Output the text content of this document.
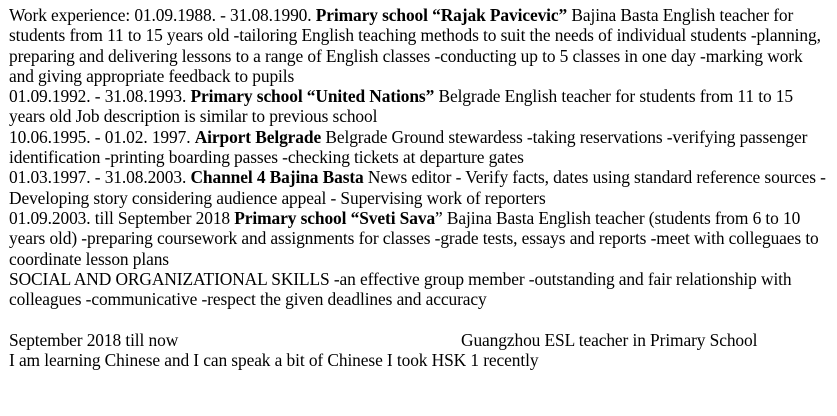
Work experience: 01.09.1988. - 31.08.1990. Primary school “Rajak Pavicevic” Bajina Basta English teacher for students from 11 to 15 years old -tailoring English teaching methods to suit the needs of individual students -planning, preparing and delivering lessons to a range of English classes -conducting up to 5 classes in one day -marking work and giving appropriate feedback to pupils

01.09.1992. - 31.08.1993. Primary school “United Nations” Belgrade English teacher for students from 11 to 15 years old Job description is similar to previous school

10.06.1995. - 01.02. 1997. Airport Belgrade Belgrade Ground stewardess -taking reservations -verifying passenger identification -printing boarding passes -checking tickets at departure gates

01.03.1997. - 31.08.2003. Channel 4 Bajina Basta News editor - Verify facts, dates using standard reference sources - Developing story considering audience appeal - Supervising work of reporters

01.09.2003. till September 2018 Primary school “Sveti Sava” Bajina Basta English teacher (students from 6 to 10 years old) -preparing coursework and assignments for classes -grade tests, essays and reports -meet with colleguaes to coordinate lesson plans

SOCIAL AND ORGANIZATIONAL SKILLS -an effective group member -outstanding and fair relationship with colleagues -communicative -respect the given deadlines and accuracy

September 2018 till now	Guangzhou ESL teacher in Primary School

I am learning Chinese and I can speak a bit of Chinese I took HSK 1 recently
